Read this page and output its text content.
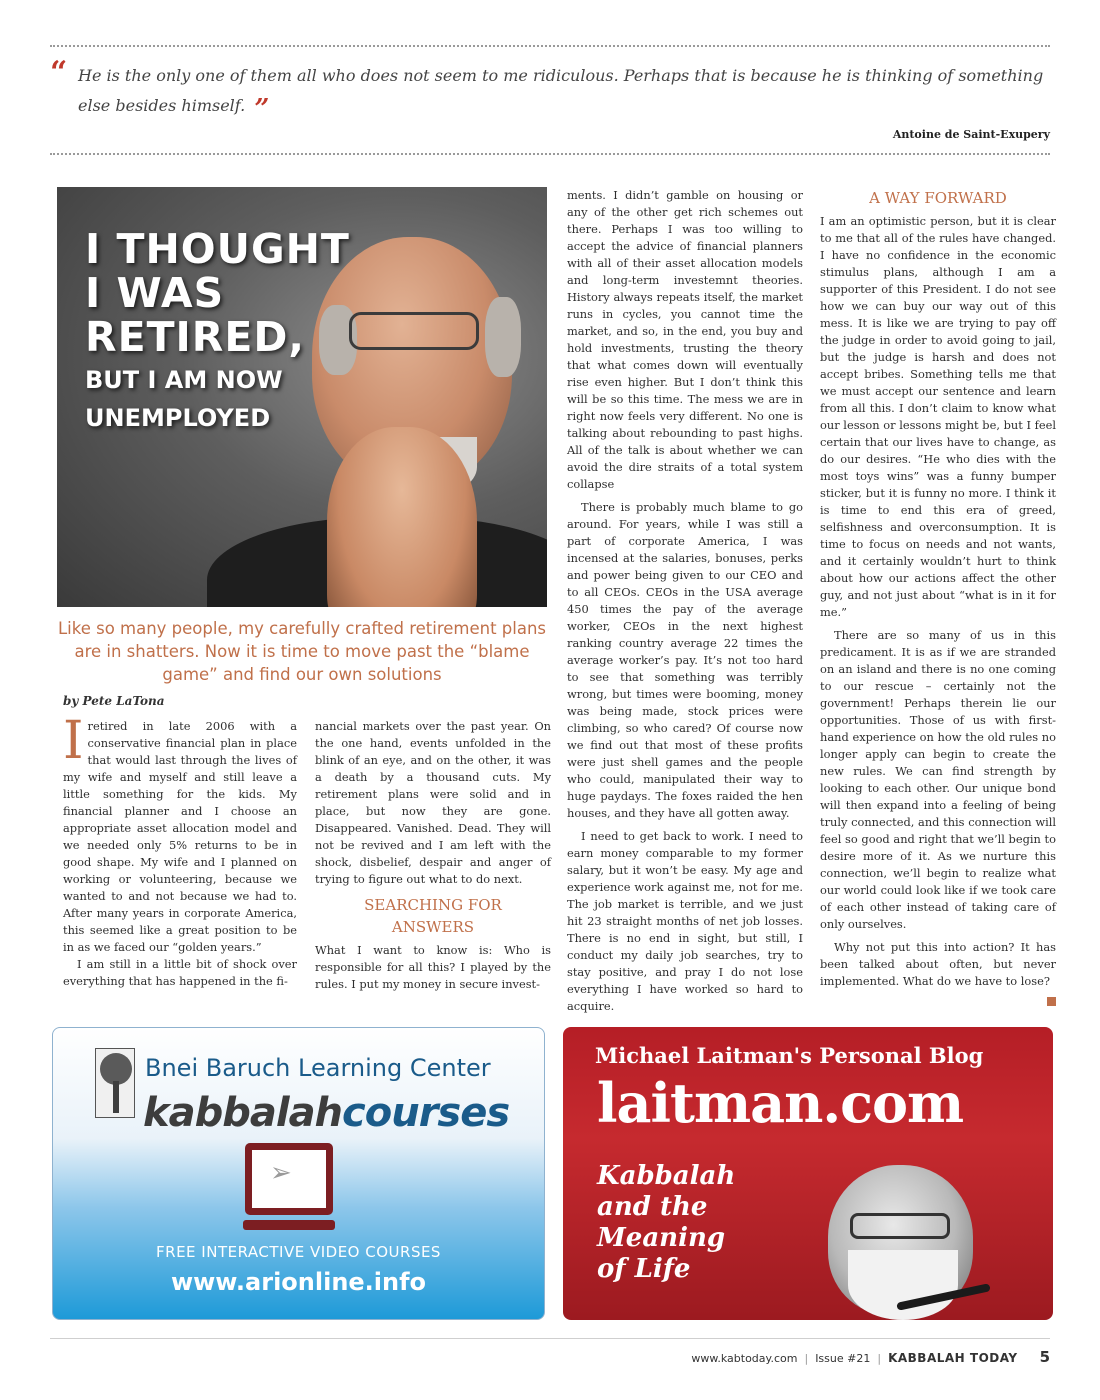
“ He is the only one of them all who does not seem to me ridiculous. Perhaps that is because he is thinking of something else besides himself. ”
Antoine de Saint-Exupery
I THOUGHT
I WAS
RETIRED,
BUT I AM NOW
UNEMPLOYED
Like so many people, my carefully crafted retirement plans are in shatters. Now it is time to move past the “blame game” and find our own solutions
by Pete LaTona

Iretired in late 2006 with a conservative financial plan in place that would last through the lives of my wife and myself and still leave a little something for the kids. My financial planner and I choose an appropriate asset allocation model and we needed only 5% returns to be in good shape. My wife and I planned on working or volunteering, because we wanted to and not because we had to. After many years in corporate America, this seemed like a great position to be in as we faced our “golden years.”

I am still in a little bit of shock over everything that has happened in the fi-

nancial markets over the past year. On the one hand, events unfolded in the blink of an eye, and on the other, it was a death by a thousand cuts. My retirement plans were solid and in place, but now they are gone. Disappeared. Vanished. Dead. They will not be revived and I am left with the shock, disbelief, despair and anger of trying to figure out what to do next.

SEARCHING FOR ANSWERS

What I want to know is: Who is responsible for all this? I played by the rules. I put my money in secure invest-

ments. I didn’t gamble on housing or any of the other get rich schemes out there. Perhaps I was too willing to accept the advice of financial planners with all of their asset allocation models and long-term investemnt theories. History always repeats itself, the market runs in cycles, you cannot time the market, and so, in the end, you buy and hold investments, trusting the theory that what comes down will eventually rise even higher. But I don’t think this will be so this time. The mess we are in right now feels very different. No one is talking about rebounding to past highs. All of the talk is about whether we can avoid the dire straits of a total system collapse

There is probably much blame to go around. For years, while I was still a part of corporate America, I was incensed at the salaries, bonuses, perks and power being given to our CEO and to all CEOs. CEOs in the USA average 450 times the pay of the average worker, CEOs in the next highest ranking country average 22 times the average worker’s pay. It’s not too hard to see that something was terribly wrong, but times were booming, money was being made, stock prices were climbing, so who cared? Of course now we find out that most of these profits were just shell games and the people who could, manipulated their way to huge paydays. The foxes raided the hen houses, and they have all gotten away.

I need to get back to work. I need to earn money comparable to my former salary, but it won’t be easy. My age and experience work against me, not for me. The job market is terrible, and we just hit 23 straight months of net job losses. There is no end in sight, but still, I conduct my daily job searches, try to stay positive, and pray I do not lose everything I have worked so hard to acquire.

A WAY FORWARD

I am an optimistic person, but it is clear to me that all of the rules have changed. I have no confidence in the economic stimulus plans, although I am a supporter of this President. I do not see how we can buy our way out of this mess. It is like we are trying to pay off the judge in order to avoid going to jail, but the judge is harsh and does not accept bribes. Something tells me that we must accept our sentence and learn from all this. I don’t claim to know what our lesson or lessons might be, but I feel certain that our lives have to change, as do our desires. “He who dies with the most toys wins” was a funny bumper sticker, but it is funny no more. I think it is time to end this era of greed, selfishness and overconsumption. It is time to focus on needs and not wants, and it certainly wouldn’t hurt to think about how our actions affect the other guy, and not just about “what is in it for me.”

There are so many of us in this predicament. It is as if we are stranded on an island and there is no one coming to our rescue – certainly not the government! Perhaps therein lie our opportunities. Those of us with first-hand experience on how the old rules no longer apply can begin to create the new rules. We can find strength by looking to each other. Our unique bond will then expand into a feeling of being truly connected, and this connection will feel so good and right that we’ll begin to desire more of it. As we nurture this connection, we’ll begin to realize what our world could look like if we took care of each other instead of taking care of only ourselves.

Why not put this into action? It has been talked about often, but never implemented. What do we have to lose?

Bnei Baruch Learning Center
kabbalahcourses
➢
FREE INTERACTIVE VIDEO COURSES
www.arionline.info
Michael Laitman's Personal Blog
laitman.com
Kabbalah
and the
Meaning
of Life
www.kabtoday.com | Issue #21 | KABBALAH TODAY 5
